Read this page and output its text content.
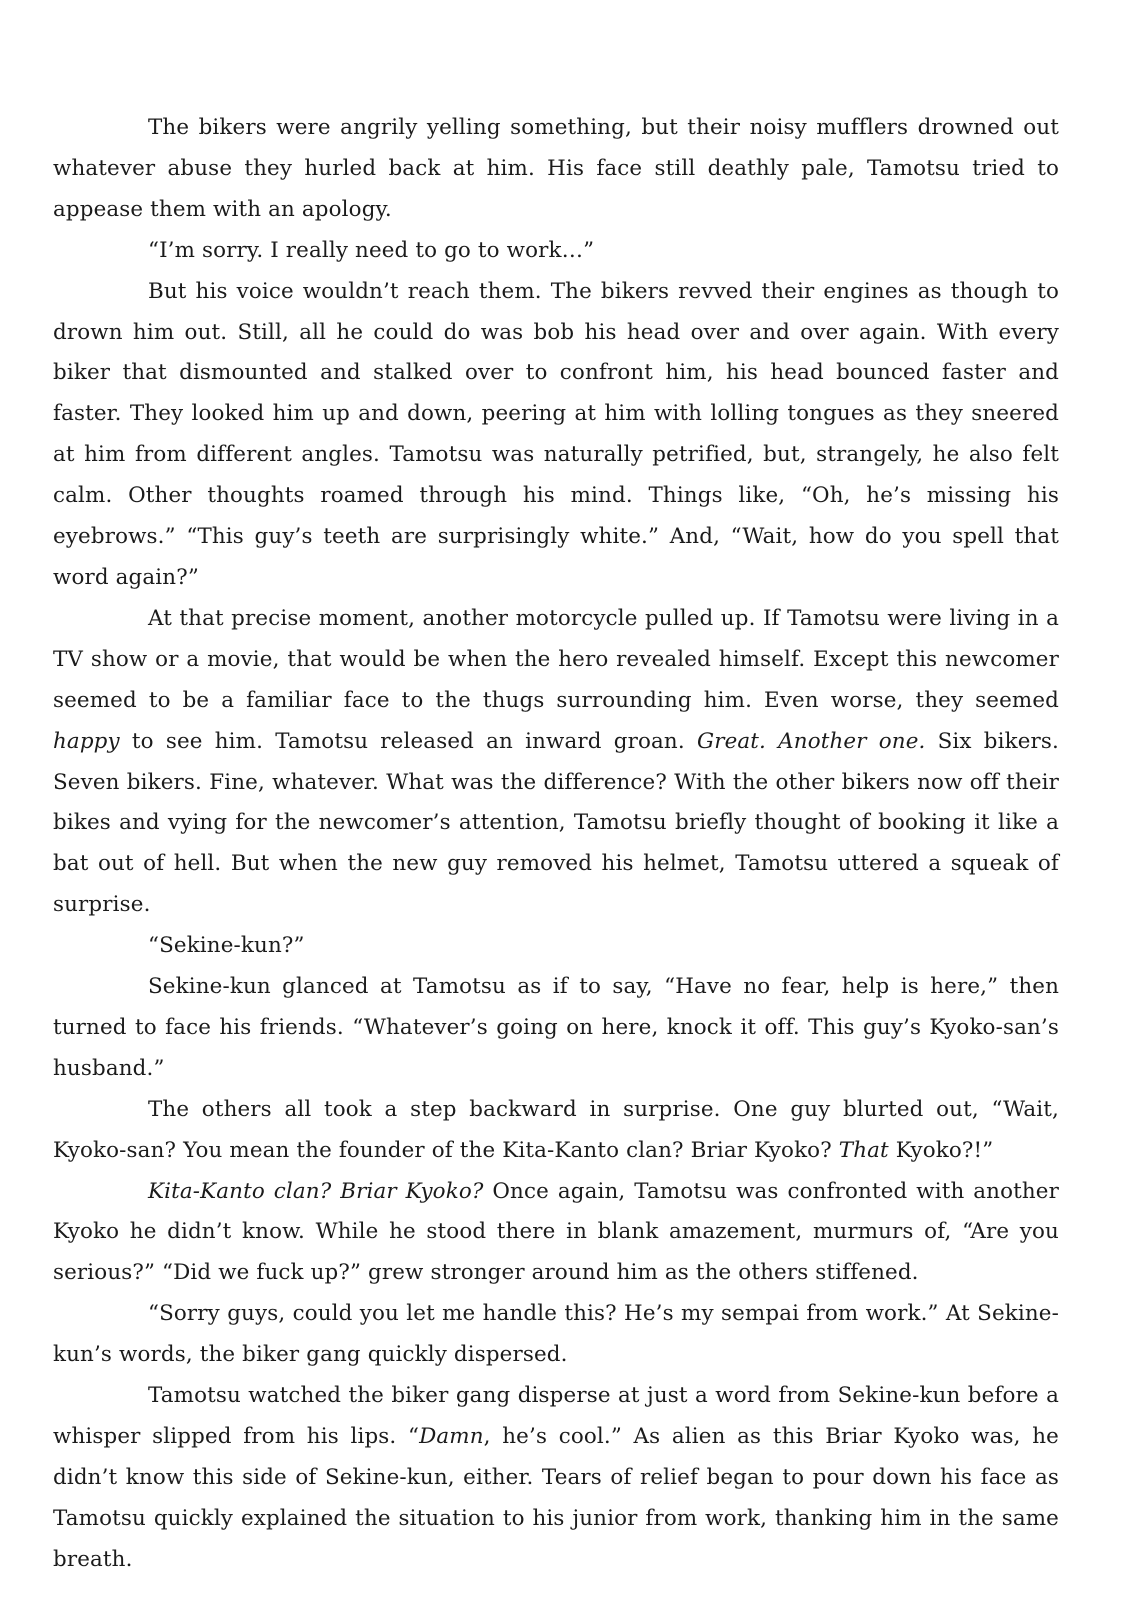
The bikers were angrily yelling something, but their noisy mufflers drowned out whatever abuse they hurled back at him. His face still deathly pale, Tamotsu tried to appease them with an apology.

“I’m sorry. I really need to go to work…”

But his voice wouldn’t reach them. The bikers revved their engines as though to drown him out. Still, all he could do was bob his head over and over again. With every biker that dismounted and stalked over to confront him, his head bounced faster and faster. They looked him up and down, peering at him with lolling tongues as they sneered at him from different angles. Tamotsu was naturally petrified, but, strangely, he also felt calm. Other thoughts roamed through his mind. Things like, “Oh, he’s missing his eyebrows.” “This guy’s teeth are surprisingly white.” And, “Wait, how do you spell that word again?”

At that precise moment, another motorcycle pulled up. If Tamotsu were living in a TV show or a movie, that would be when the hero revealed himself. Except this newcomer seemed to be a familiar face to the thugs surrounding him. Even worse, they seemed happy to see him. Tamotsu released an inward groan. Great. Another one. Six bikers. Seven bikers. Fine, whatever. What was the difference? With the other bikers now off their bikes and vying for the newcomer’s attention, Tamotsu briefly thought of booking it like a bat out of hell. But when the new guy removed his helmet, Tamotsu uttered a squeak of surprise.

“Sekine-kun?”

Sekine-kun glanced at Tamotsu as if to say, “Have no fear, help is here,” then turned to face his friends. “Whatever’s going on here, knock it off. This guy’s Kyoko-san’s husband.”

The others all took a step backward in surprise. One guy blurted out, “Wait, Kyoko-san? You mean the founder of the Kita-Kanto clan? Briar Kyoko? That Kyoko?!”

Kita-Kanto clan? Briar Kyoko? Once again, Tamotsu was confronted with another Kyoko he didn’t know. While he stood there in blank amazement, murmurs of, “Are you serious?” “Did we fuck up?” grew stronger around him as the others stiffened.

“Sorry guys, could you let me handle this? He’s my sempai from work.” At Sekine-kun’s words, the biker gang quickly dispersed.

Tamotsu watched the biker gang disperse at just a word from Sekine-kun before a whisper slipped from his lips. “Damn, he’s cool.” As alien as this Briar Kyoko was, he didn’t know this side of Sekine-kun, either. Tears of relief began to pour down his face as Tamotsu quickly explained the situation to his junior from work, thanking him in the same breath.
